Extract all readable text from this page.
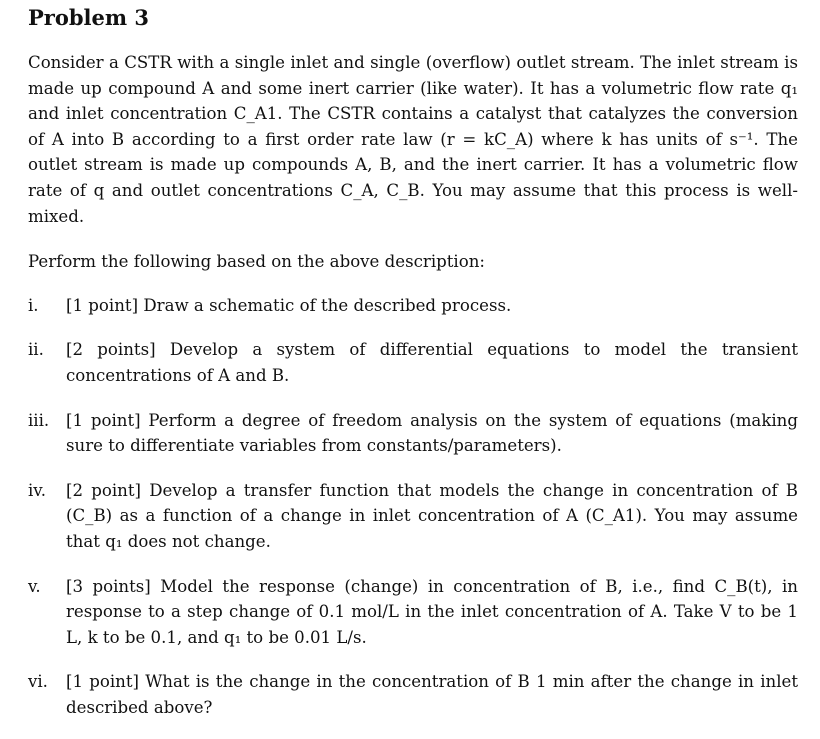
Problem 3

Consider a CSTR with a single inlet and single (overflow) outlet stream. The inlet stream is made up compound A and some inert carrier (like water). It has a volumetric flow rate q₁ and inlet concentration C_A1. The CSTR contains a catalyst that catalyzes the conversion of A into B according to a first order rate law (r = kC_A) where k has units of s⁻¹. The outlet stream is made up compounds A, B, and the inert carrier. It has a volumetric flow rate of q and outlet concentrations C_A, C_B. You may assume that this process is well-mixed.

Perform the following based on the above description:

i.	[1 point] Draw a schematic of the described process.
ii.	[2 points] Develop a system of differential equations to model the transient concentrations of A and B.
iii.	[1 point] Perform a degree of freedom analysis on the system of equations (making sure to differentiate variables from constants/parameters).
iv.	[2 point] Develop a transfer function that models the change in concentration of B (C_B) as a function of a change in inlet concentration of A (C_A1). You may assume that q₁ does not change.
v.	[3 points] Model the response (change) in concentration of B, i.e., find C_B(t), in response to a step change of 0.1 mol/L in the inlet concentration of A. Take V to be 1 L, k to be 0.1, and q₁ to be 0.01 L/s.
vi.	[1 point] What is the change in the concentration of B 1 min after the change in inlet described above?
